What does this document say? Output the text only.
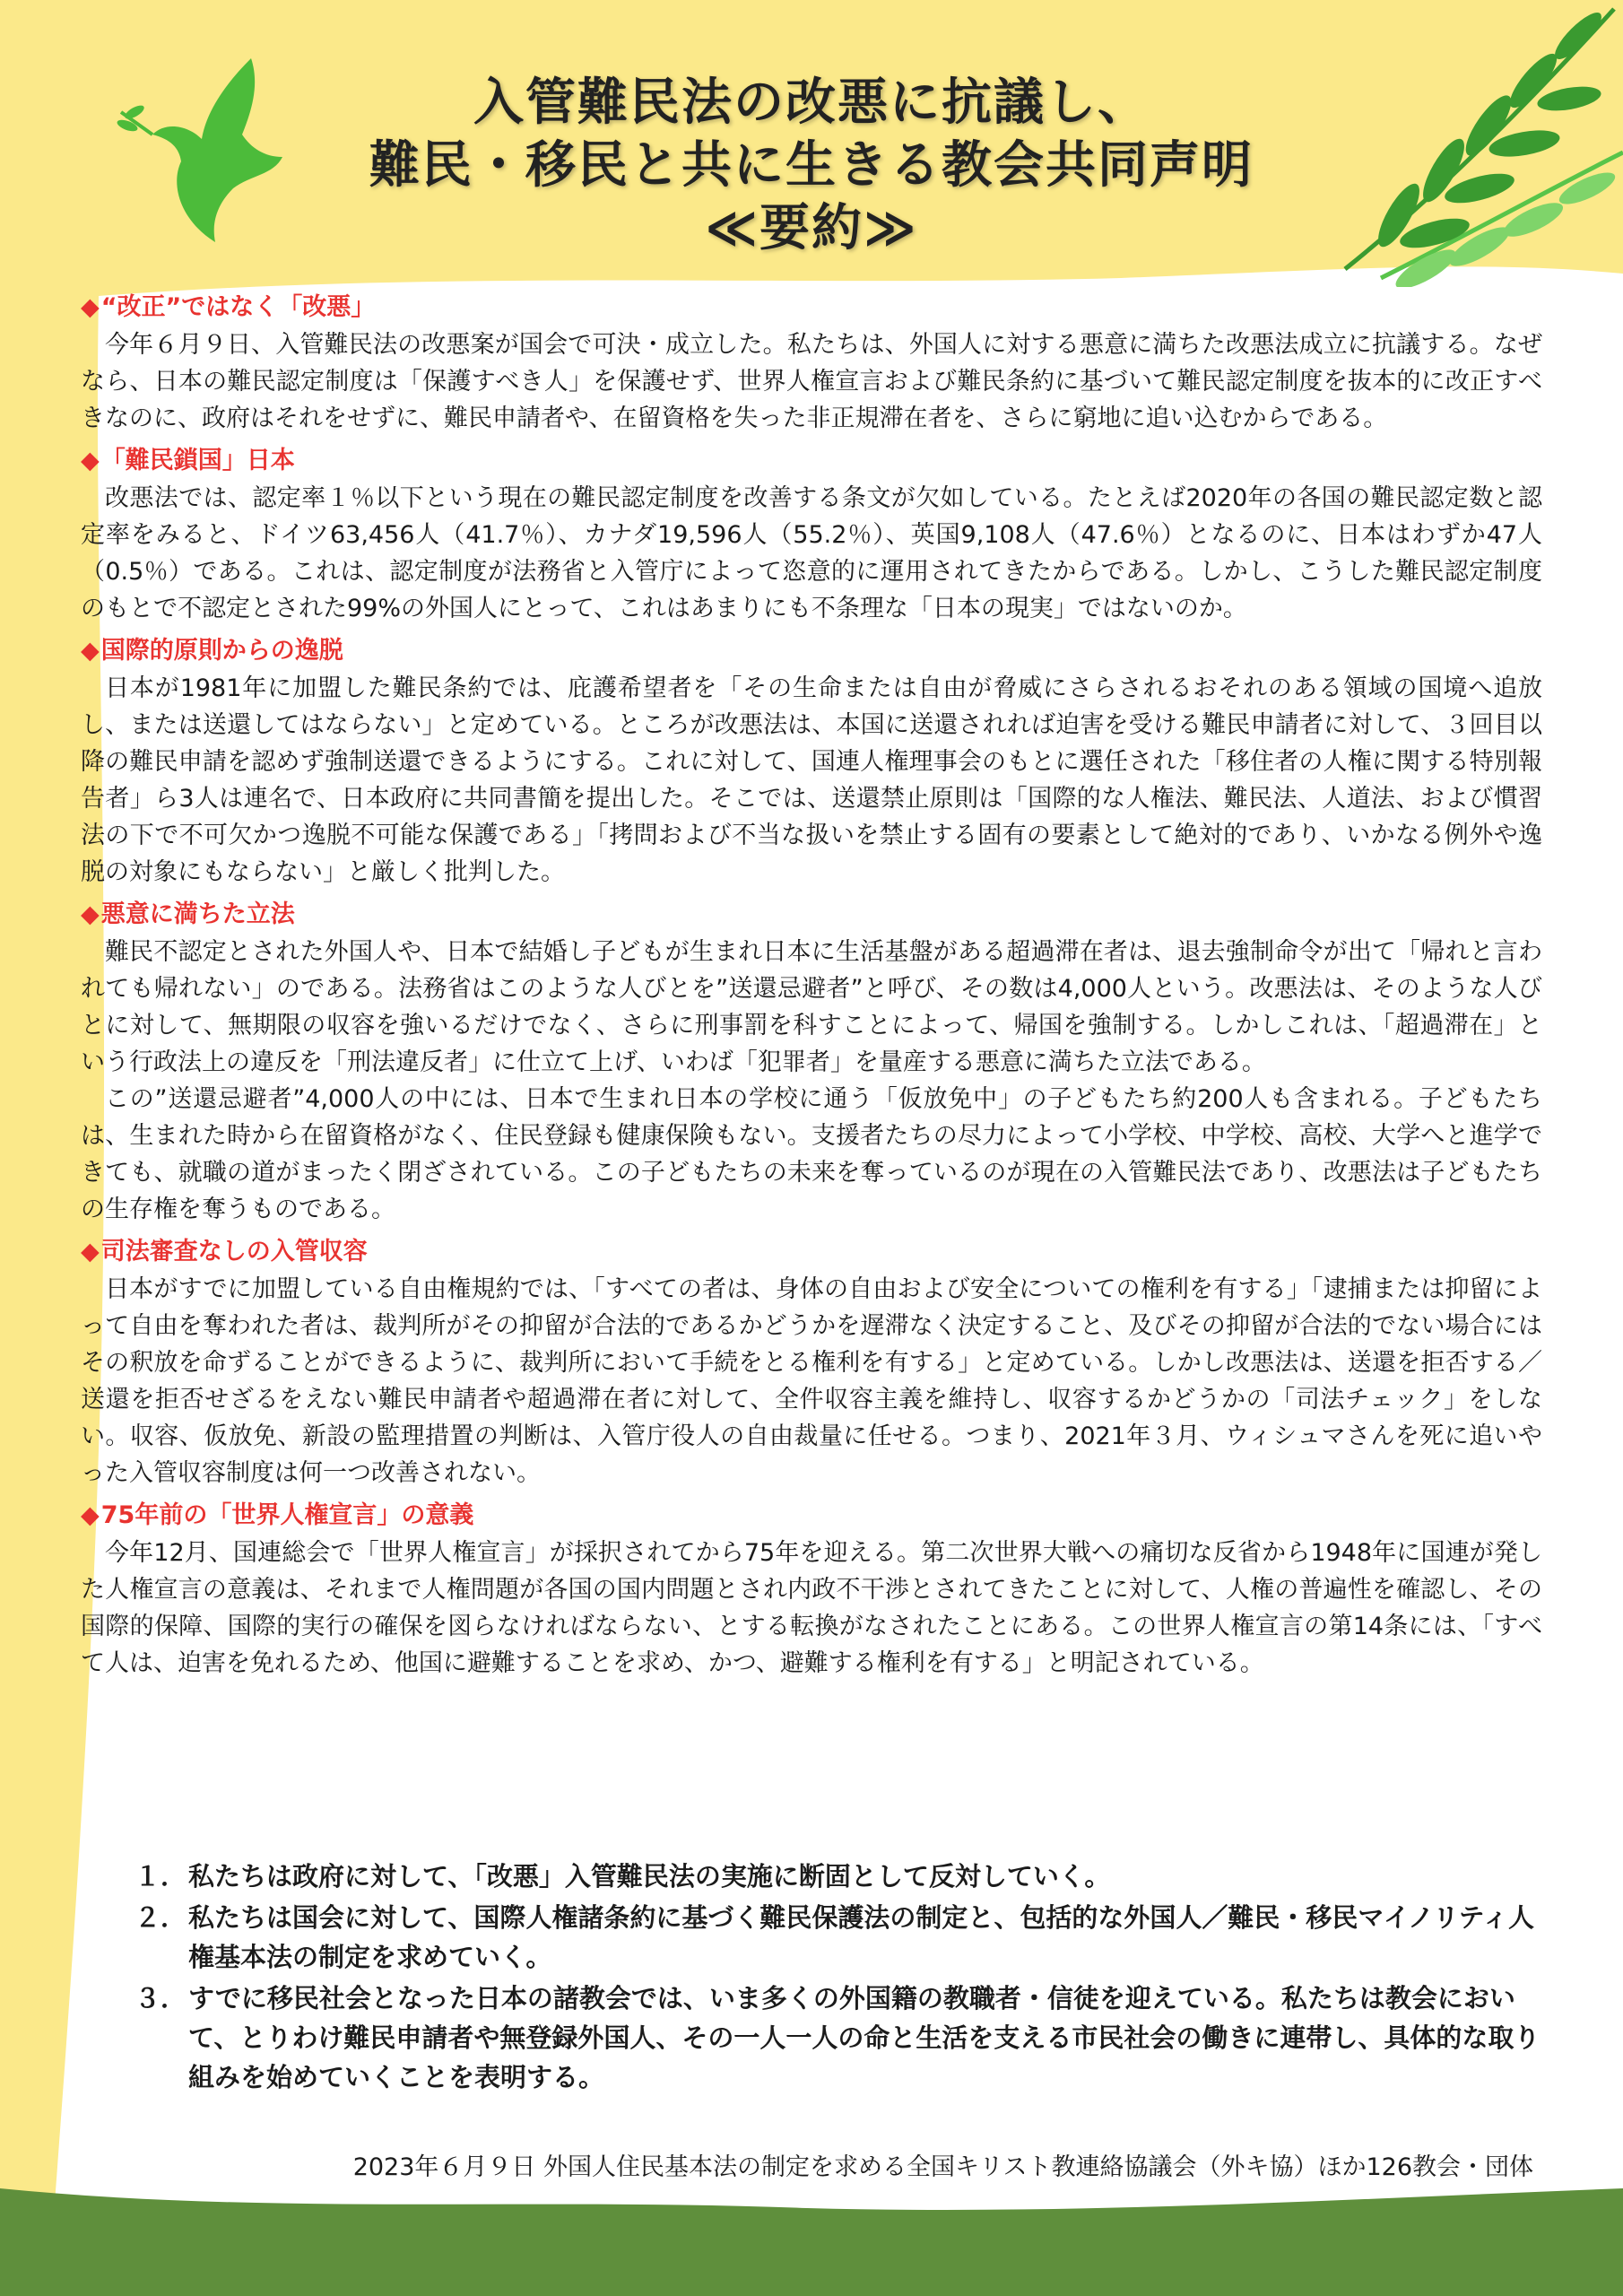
入管難民法の改悪に抗議し、

難民・移民と共に生きる教会共同声明

≪要約≫

◆“改正”ではなく「改悪」

今年６月９日、入管難民法の改悪案が国会で可決・成立した。私たちは、外国人に対する悪意に満ちた改悪法成立に抗議する。なぜなら、日本の難民認定制度は「保護すべき人」を保護せず、世界人権宣言および難民条約に基づいて難民認定制度を抜本的に改正すべきなのに、政府はそれをせずに、難民申請者や、在留資格を失った非正規滞在者を、さらに窮地に追い込むからである。

◆「難民鎖国」日本

改悪法では、認定率１％以下という現在の難民認定制度を改善する条文が欠如している。たとえば2020年の各国の難民認定数と認定率をみると、ドイツ63,456人（41.7％）、カナダ19,596人（55.2％）、英国9,108人（47.6％）となるのに、日本はわずか47人（0.5％）である。これは、認定制度が法務省と入管庁によって恣意的に運用されてきたからである。しかし、こうした難民認定制度のもとで不認定とされた99%の外国人にとって、これはあまりにも不条理な「日本の現実」ではないのか。

◆国際的原則からの逸脱

日本が1981年に加盟した難民条約では、庇護希望者を「その生命または自由が脅威にさらされるおそれのある領域の国境へ追放し、または送還してはならない」と定めている。ところが改悪法は、本国に送還されれば迫害を受ける難民申請者に対して、３回目以降の難民申請を認めず強制送還できるようにする。これに対して、国連人権理事会のもとに選任された「移住者の人権に関する特別報告者」ら3人は連名で、日本政府に共同書簡を提出した。そこでは、送還禁止原則は「国際的な人権法、難民法、人道法、および慣習法の下で不可欠かつ逸脱不可能な保護である」「拷問および不当な扱いを禁止する固有の要素として絶対的であり、いかなる例外や逸脱の対象にもならない」と厳しく批判した。

◆悪意に満ちた立法

難民不認定とされた外国人や、日本で結婚し子どもが生まれ日本に生活基盤がある超過滞在者は、退去強制命令が出て「帰れと言われても帰れない」のである。法務省はこのような人びとを”送還忌避者”と呼び、その数は4,000人という。改悪法は、そのような人びとに対して、無期限の収容を強いるだけでなく、さらに刑事罰を科すことによって、帰国を強制する。しかしこれは、「超過滞在」という行政法上の違反を「刑法違反者」に仕立て上げ、いわば「犯罪者」を量産する悪意に満ちた立法である。

この”送還忌避者”4,000人の中には、日本で生まれ日本の学校に通う「仮放免中」の子どもたち約200人も含まれる。子どもたちは、生まれた時から在留資格がなく、住民登録も健康保険もない。支援者たちの尽力によって小学校、中学校、高校、大学へと進学できても、就職の道がまったく閉ざされている。この子どもたちの未来を奪っているのが現在の入管難民法であり、改悪法は子どもたちの生存権を奪うものである。

◆司法審査なしの入管収容

日本がすでに加盟している自由権規約では、「すべての者は、身体の自由および安全についての権利を有する」「逮捕または抑留によって自由を奪われた者は、裁判所がその抑留が合法的であるかどうかを遅滞なく決定すること、及びその抑留が合法的でない場合にはその釈放を命ずることができるように、裁判所において手続をとる権利を有する」と定めている。しかし改悪法は、送還を拒否する／送還を拒否せざるをえない難民申請者や超過滞在者に対して、全件収容主義を維持し、収容するかどうかの「司法チェック」をしない。収容、仮放免、新設の監理措置の判断は、入管庁役人の自由裁量に任せる。つまり、2021年３月、ウィシュマさんを死に追いやった入管収容制度は何一つ改善されない。

◆75年前の「世界人権宣言」の意義

今年12月、国連総会で「世界人権宣言」が採択されてから75年を迎える。第二次世界大戦への痛切な反省から1948年に国連が発した人権宣言の意義は、それまで人権問題が各国の国内問題とされ内政不干渉とされてきたことに対して、人権の普遍性を確認し、その国際的保障、国際的実行の確保を図らなければならない、とする転換がなされたことにある。この世界人権宣言の第14条には、「すべて人は、迫害を免れるため、他国に避難することを求め、かつ、避難する権利を有する」と明記されている。

１． 私たちは政府に対して、「改悪」入管難民法の実施に断固として反対していく。
２． 私たちは国会に対して、国際人権諸条約に基づく難民保護法の制定と、包括的な外国人／難民・移民マイノリティ人権基本法の制定を求めていく。
３． すでに移民社会となった日本の諸教会では、いま多くの外国籍の教職者・信徒を迎えている。私たちは教会において、とりわけ難民申請者や無登録外国人、その一人一人の命と生活を支える市民社会の働きに連帯し、具体的な取り組みを始めていくことを表明する。

2023年６月９日 外国人住民基本法の制定を求める全国キリスト教連絡協議会（外キ協）ほか126教会・団体
